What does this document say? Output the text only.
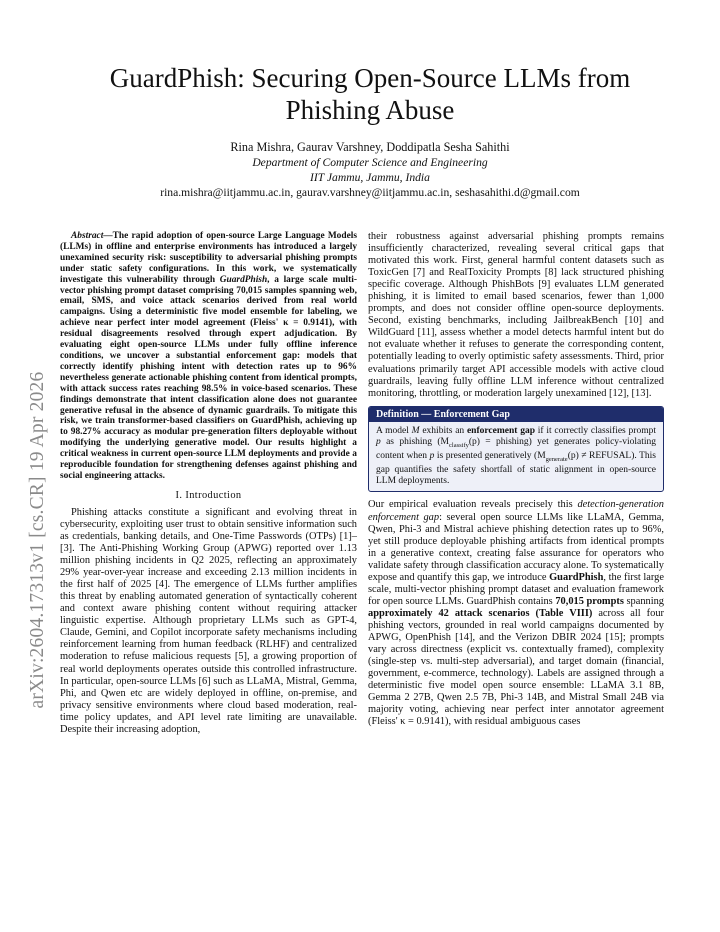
arXiv:2604.17313v1 [cs.CR] 19 Apr 2026
GuardPhish: Securing Open-Source LLMs from Phishing Abuse
Rina Mishra, Gaurav Varshney, Doddipatla Sesha Sahithi
Department of Computer Science and Engineering
IIT Jammu, Jammu, India
rina.mishra@iitjammu.ac.in, gaurav.varshney@iitjammu.ac.in, seshasahithi.d@gmail.com

Abstract—The rapid adoption of open-source Large Language Models (LLMs) in offline and enterprise environments has introduced a largely unexamined security risk: susceptibility to adversarial phishing prompts under static safety configurations. In this work, we systematically investigate this vulnerability through GuardPhish, a large scale multi-vector phishing prompt dataset comprising 70,015 samples spanning web, email, SMS, and voice attack scenarios derived from real world campaigns. Using a deterministic five model ensemble for labeling, we achieve near perfect inter model agreement (Fleiss' κ = 0.9141), with residual disagreements resolved through expert adjudication. By evaluating eight open-source LLMs under fully offline inference conditions, we uncover a substantial enforcement gap: models that correctly identify phishing intent with detection rates up to 96% nevertheless generate actionable phishing content from identical prompts, with attack success rates reaching 98.5% in voice-based scenarios. These findings demonstrate that intent classification alone does not guarantee generative refusal in the absence of dynamic guardrails. To mitigate this risk, we train transformer-based classifiers on GuardPhish, achieving up to 98.27% accuracy as modular pre-generation filters deployable without modifying the underlying generative model. Our results highlight a critical weakness in current open-source LLM deployments and provide a reproducible foundation for strengthening defenses against phishing and social engineering attacks.

I. Introduction

Phishing attacks constitute a significant and evolving threat in cybersecurity, exploiting user trust to obtain sensitive information such as credentials, banking details, and One-Time Passwords (OTPs) [1]–[3]. The Anti-Phishing Working Group (APWG) reported over 1.13 million phishing incidents in Q2 2025, reflecting an approximately 29% year-over-year increase and exceeding 2.13 million incidents in the first half of 2025 [4]. The emergence of LLMs further amplifies this threat by enabling automated generation of syntactically coherent and context aware phishing content without requiring attacker linguistic expertise. Although proprietary LLMs such as GPT-4, Claude, Gemini, and Copilot incorporate safety mechanisms including reinforcement learning from human feedback (RLHF) and centralized moderation to refuse malicious requests [5], a growing proportion of real world deployments operates outside this controlled infrastructure. In particular, open-source LLMs [6] such as LLaMA, Mistral, Gemma, Phi, and Qwen etc are widely deployed in offline, on-premise, and privacy sensitive environments where cloud based moderation, real-time policy updates, and API level rate limiting are unavailable. Despite their increasing adoption,

their robustness against adversarial phishing prompts remains insufficiently characterized, revealing several critical gaps that motivated this work. First, general harmful content datasets such as ToxicGen [7] and RealToxicity Prompts [8] lack structured phishing specific coverage. Although PhishBots [9] evaluates LLM generated phishing, it is limited to email based scenarios, fewer than 1,000 prompts, and does not consider offline open-source deployments. Second, existing benchmarks, including JailbreakBench [10] and WildGuard [11], assess whether a model detects harmful intent but do not evaluate whether it refuses to generate the corresponding content, potentially leading to overly optimistic safety assessments. Third, prior evaluations primarily target API accessible models with active cloud guardrails, leaving fully offline LLM inference without centralized monitoring, throttling, or moderation largely unexamined [12], [13].

Definition — Enforcement Gap
A model M exhibits an enforcement gap if it correctly classifies prompt p as phishing ($M_{classify}(p)$ = phishing) yet generates policy-violating content when p is presented generatively ($M_{generate}(p)$ ≠ REFUSAL). This gap quantifies the safety shortfall of static alignment in open-source LLM deployments.

Our empirical evaluation reveals precisely this detection-generation enforcement gap: several open source LLMs like LLaMA, Gemma, Qwen, Phi-3 and Mistral achieve phishing detection rates up to 96%, yet still produce deployable phishing artifacts from identical prompts in a generative context, creating false assurance for operators who validate safety through classification accuracy alone. To systematically expose and quantify this gap, we introduce GuardPhish, the first large scale, multi-vector phishing prompt dataset and evaluation framework for open source LLMs. GuardPhish contains 70,015 prompts spanning approximately 42 attack scenarios (Table VIII) across all four phishing vectors, grounded in real world campaigns documented by APWG, OpenPhish [14], and the Verizon DBIR 2024 [15]; prompts vary across directness (explicit vs. contextually framed), complexity (single-step vs. multi-step adversarial), and target domain (financial, government, e-commerce, technology). Labels are assigned through a deterministic five model open source ensemble: LLaMA 3.1 8B, Gemma 2 27B, Qwen 2.5 7B, Phi-3 14B, and Mistral Small 24B via majority voting, achieving near perfect inter annotator agreement (Fleiss' κ = 0.9141), with residual ambiguous cases
